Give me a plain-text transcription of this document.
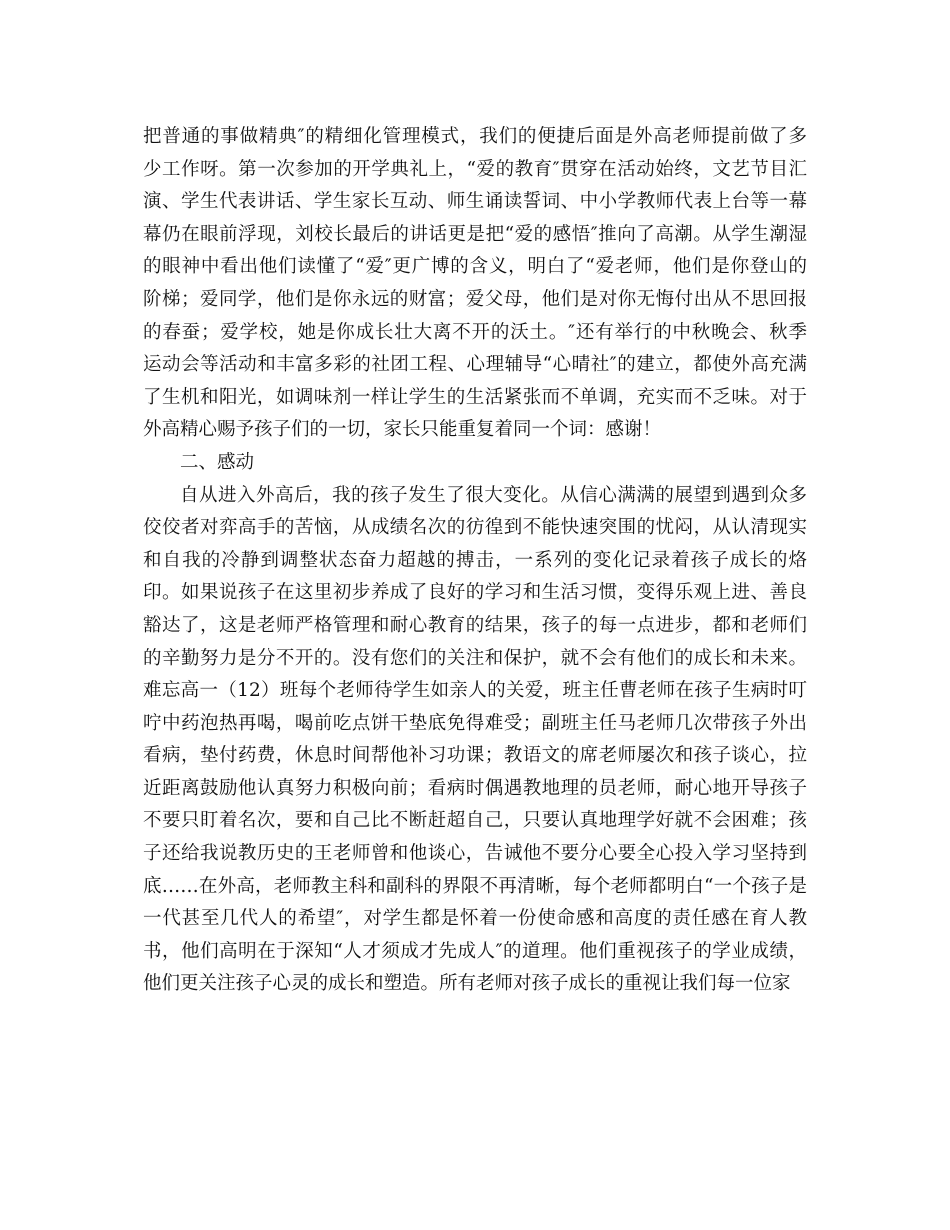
把普通的事做精典″的精细化管理模式，我们的便捷后面是外高老师提前做了多
少工作呀。第一次参加的开学典礼上，“爱的教育″贯穿在活动始终，文艺节目汇
演、学生代表讲话、学生家长互动、师生诵读誓词、中小学教师代表上台等一幕
幕仍在眼前浮现，刘校长最后的讲话更是把“爱的感悟″推向了高潮。从学生潮湿
的眼神中看出他们读懂了“爱″更广博的含义，明白了“爱老师，他们是你登山的
阶梯；爱同学，他们是你永远的财富；爱父母，他们是对你无悔付出从不思回报
的春蚕；爱学校，她是你成长壮大离不开的沃土。″还有举行的中秋晚会、秋季
运动会等活动和丰富多彩的社团工程、心理辅导“心晴社″的建立，都使外高充满
了生机和阳光，如调味剂一样让学生的生活紧张而不单调，充实而不乏味。对于
外高精心赐予孩子们的一切，家长只能重复着同一个词：感谢！
二、感动
自从进入外高后，我的孩子发生了很大变化。从信心满满的展望到遇到众多
佼佼者对弈高手的苦恼，从成绩名次的彷徨到不能快速突围的忧闷，从认清现实
和自我的冷静到调整状态奋力超越的搏击，一系列的变化记录着孩子成长的烙
印。如果说孩子在这里初步养成了良好的学习和生活习惯，变得乐观上进、善良
豁达了，这是老师严格管理和耐心教育的结果，孩子的每一点进步，都和老师们
的辛勤努力是分不开的。没有您们的关注和保护，就不会有他们的成长和未来。
难忘高一（12）班每个老师待学生如亲人的关爱，班主任曹老师在孩子生病时叮
咛中药泡热再喝，喝前吃点饼干垫底免得难受；副班主任马老师几次带孩子外出
看病，垫付药费，休息时间帮他补习功课；教语文的席老师屡次和孩子谈心，拉
近距离鼓励他认真努力积极向前；看病时偶遇教地理的员老师，耐心地开导孩子
不要只盯着名次，要和自己比不断赶超自己，只要认真地理学好就不会困难；孩
子还给我说教历史的王老师曾和他谈心，告诫他不要分心要全心投入学习坚持到
底……在外高，老师教主科和副科的界限不再清晰，每个老师都明白“一个孩子是
一代甚至几代人的希望″，对学生都是怀着一份使命感和高度的责任感在育人教
书，他们高明在于深知“人才须成才先成人″的道理。他们重视孩子的学业成绩，
他们更关注孩子心灵的成长和塑造。所有老师对孩子成长的重视让我们每一位家
